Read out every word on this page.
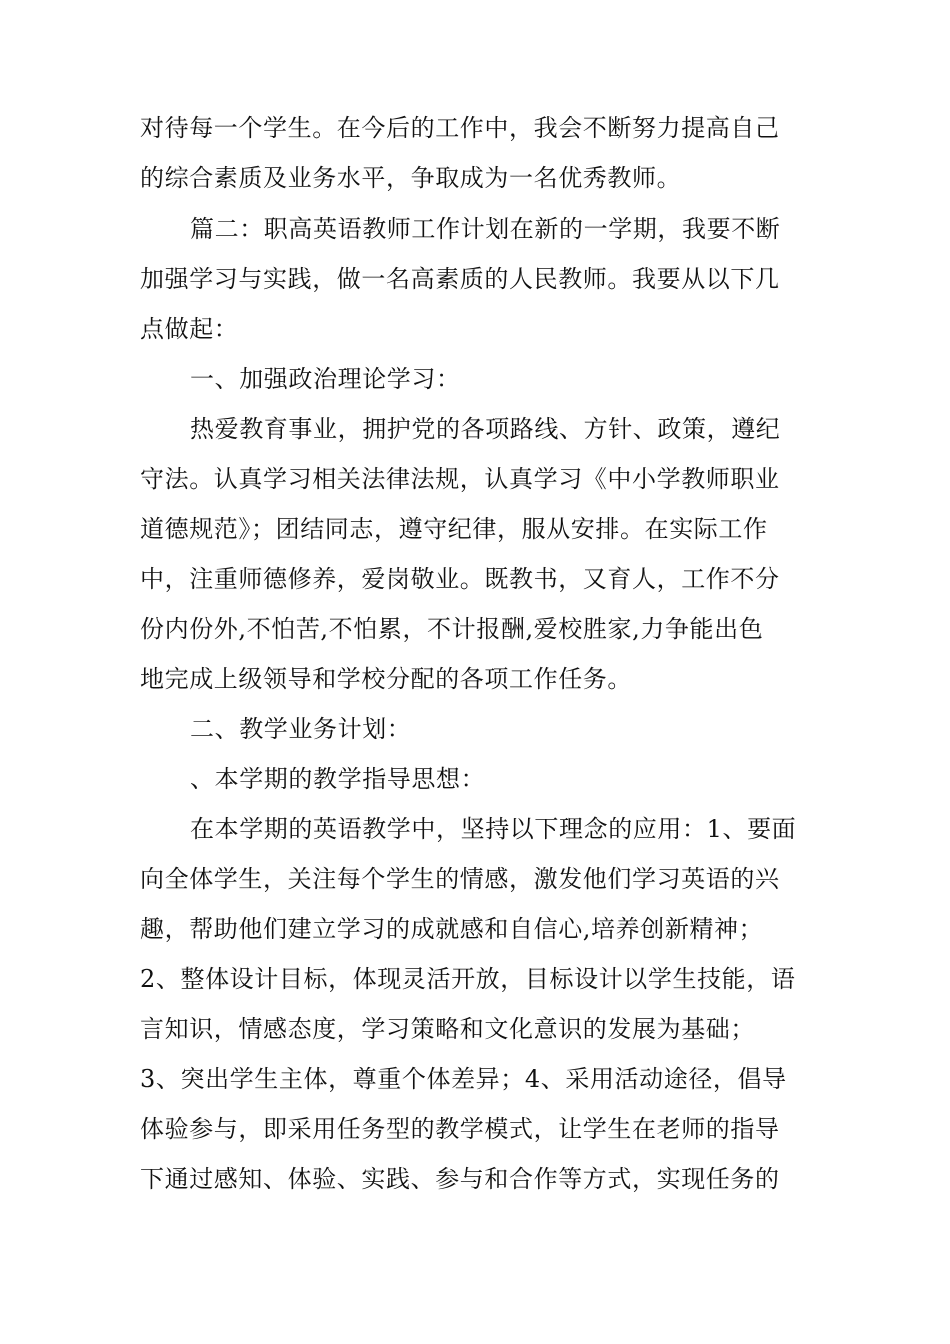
对待每一个学生。在今后的工作中，我会不断努力提高自己

的综合素质及业务水平，争取成为一名优秀教师。

篇二：职高英语教师工作计划在新的一学期，我要不断

加强学习与实践，做一名高素质的人民教师。我要从以下几

点做起：

一、加强政治理论学习：

热爱教育事业，拥护党的各项路线、方针、政策，遵纪

守法。认真学习相关法律法规，认真学习《中小学教师职业

道德规范》；团结同志，遵守纪律，服从安排。在实际工作

中，注重师德修养，爱岗敬业。既教书，又育人，工作不分

份内份外,不怕苦,不怕累，不计报酬,爱校胜家,力争能出色

地完成上级领导和学校分配的各项工作任务。

二、教学业务计划：

、本学期的教学指导思想：

在本学期的英语教学中，坚持以下理念的应用：1、要面

向全体学生，关注每个学生的情感，激发他们学习英语的兴

趣，帮助他们建立学习的成就感和自信心,培养创新精神；

2、整体设计目标，体现灵活开放，目标设计以学生技能，语

言知识，情感态度，学习策略和文化意识的发展为基础；

3、突出学生主体，尊重个体差异；4、采用活动途径，倡导

体验参与，即采用任务型的教学模式，让学生在老师的指导

下通过感知、体验、实践、参与和合作等方式，实现任务的
